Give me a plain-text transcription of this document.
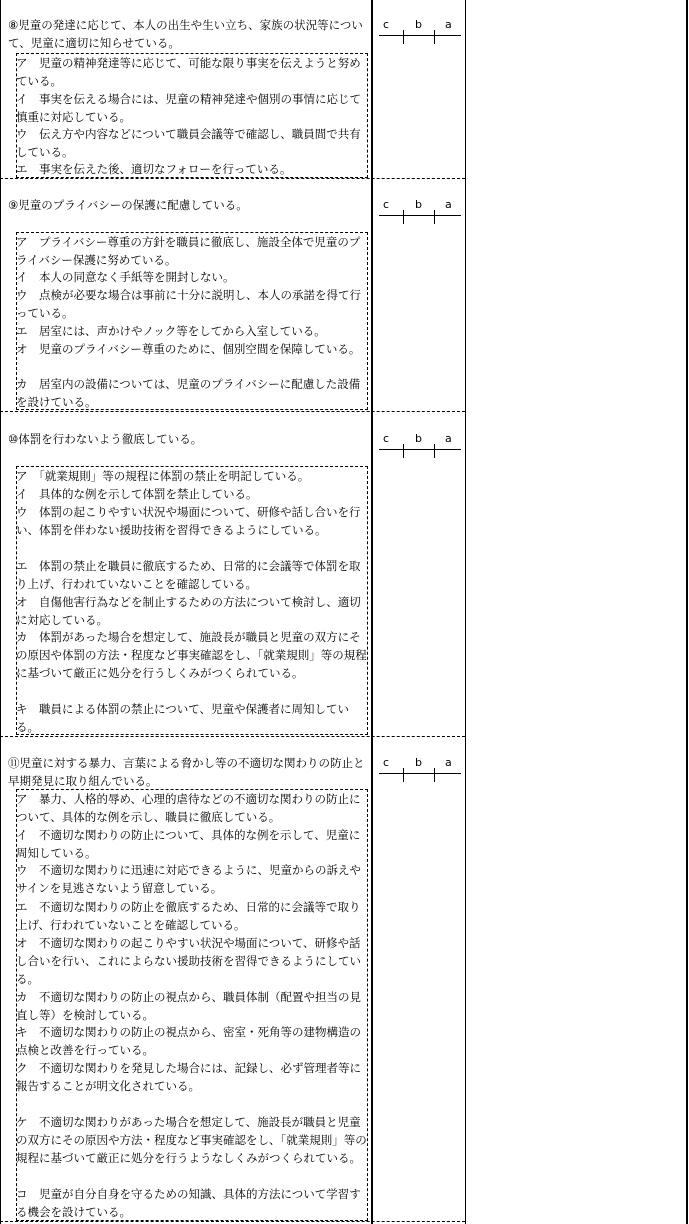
⑧児童の発達に応じて、本人の出生や生い立ち、家族の状況等について、児童に適切に知らせている。
ア　児童の精神発達等に応じて、可能な限り事実を伝えようと努めている。
イ　事実を伝える場合には、児童の精神発達や個別の事情に応じて慎重に対応している。
ウ　伝え方や内容などについて職員会議等で確認し、職員間で共有している。
エ　事実を伝えた後、適切なフォローを行っている。
c b a
⑨児童のプライバシーの保護に配慮している。
ア　プライバシー尊重の方針を職員に徹底し、施設全体で児童のプライバシー保護に努めている。
イ　本人の同意なく手紙等を開封しない。
ウ　点検が必要な場合は事前に十分に説明し、本人の承諾を得て行っている。
エ　居室には、声かけやノック等をしてから入室している。
オ　児童のプライバシー尊重のために、個別空間を保障している。
カ　居室内の設備については、児童のプライバシーに配慮した設備を設けている。
c b a
⑩体罰を行わないよう徹底している。
ア　「就業規則」等の規程に体罰の禁止を明記している。
イ　具体的な例を示して体罰を禁止している。
ウ　体罰の起こりやすい状況や場面について、研修や話し合いを行い、体罰を伴わない援助技術を習得できるようにしている。
エ　体罰の禁止を職員に徹底するため、日常的に会議等で体罰を取り上げ、行われていないことを確認している。
オ　自傷他害行為などを制止するための方法について検討し、適切に対応している。
カ　体罰があった場合を想定して、施設長が職員と児童の双方にその原因や体罰の方法・程度など事実確認をし、「就業規則」等の規程に基づいて厳正に処分を行うしくみがつくられている。
キ　職員による体罰の禁止について、児童や保護者に周知している。
c b a
⑪児童に対する暴力、言葉による脅かし等の不適切な関わりの防止と早期発見に取り組んでいる。
ア　暴力、人格的辱め、心理的虐待などの不適切な関わりの防止について、具体的な例を示し、職員に徹底している。
イ　不適切な関わりの防止について、具体的な例を示して、児童に周知している。
ウ　不適切な関わりに迅速に対応できるように、児童からの訴えやサインを見逃さないよう留意している。
エ　不適切な関わりの防止を徹底するため、日常的に会議等で取り上げ、行われていないことを確認している。
オ　不適切な関わりの起こりやすい状況や場面について、研修や話し合いを行い、これによらない援助技術を習得できるようにしている。
カ　不適切な関わりの防止の視点から、職員体制（配置や担当の見直し等）を検討している。
キ　不適切な関わりの防止の視点から、密室・死角等の建物構造の点検と改善を行っている。
ク　不適切な関わりを発見した場合には、記録し、必ず管理者等に報告することが明文化されている。
ケ　不適切な関わりがあった場合を想定して、施設長が職員と児童の双方にその原因や方法・程度など事実確認をし、「就業規則」等の規程に基づいて厳正に処分を行うようなしくみがつくられている。
コ　児童が自分自身を守るための知識、具体的方法について学習する機会を設けている。
c b a
